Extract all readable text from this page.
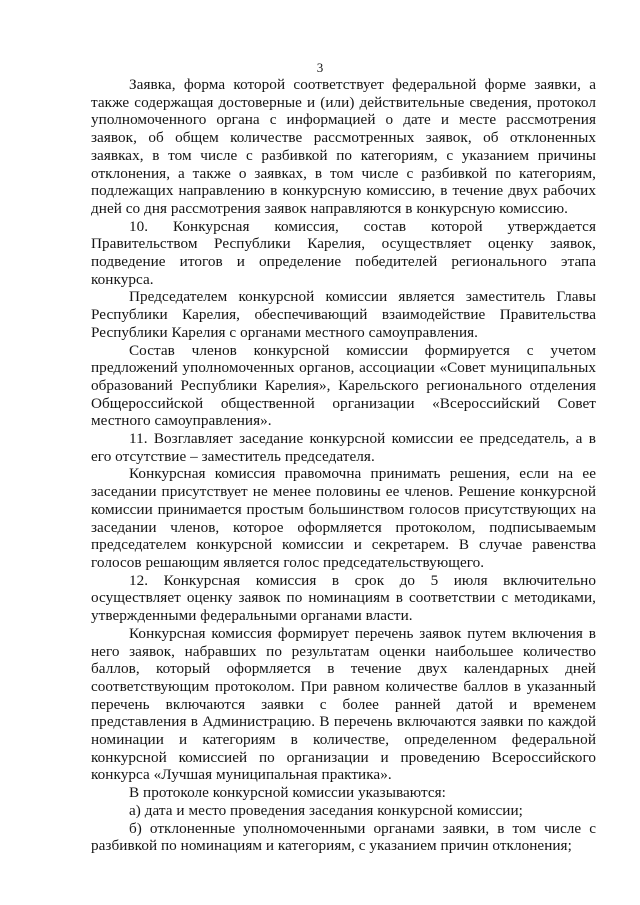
3

Заявка, форма которой соответствует федеральной форме заявки, а также содержащая достоверные и (или) действительные сведения, протокол уполномоченного органа с информацией о дате и месте рассмотрения заявок, об общем количестве рассмотренных заявок, об отклоненных заявках, в том числе с разбивкой по категориям, с указанием причины отклонения, а также о заявках, в том числе с разбивкой по категориям, подлежащих направлению в конкурсную комиссию, в течение двух рабочих дней со дня рассмотрения заявок направляются в конкурсную комиссию.

10. Конкурсная комиссия, состав которой утверждается Правительством Республики Карелия, осуществляет оценку заявок, подведение итогов и определение победителей регионального этапа конкурса.

Председателем конкурсной комиссии является заместитель Главы Республики Карелия, обеспечивающий взаимодействие Правительства Республики Карелия с органами местного самоуправления.

Состав членов конкурсной комиссии формируется с учетом предложений уполномоченных органов, ассоциации «Совет муниципальных образований Республики Карелия», Карельского регионального отделения Общероссийской общественной организации «Всероссийский Совет местного самоуправления».

11. Возглавляет заседание конкурсной комиссии ее председатель, а в его отсутствие – заместитель председателя.

Конкурсная комиссия правомочна принимать решения, если на ее заседании присутствует не менее половины ее членов. Решение конкурсной комиссии принимается простым большинством голосов присутствующих на заседании членов, которое оформляется протоколом, подписываемым председателем конкурсной комиссии и секретарем. В случае равенства голосов решающим является голос председательствующего.

12. Конкурсная комиссия в срок до 5 июля включительно осуществляет оценку заявок по номинациям в соответствии с методиками, утвержденными федеральными органами власти.

Конкурсная комиссия формирует перечень заявок путем включения в него заявок, набравших по результатам оценки наибольшее количество баллов, который оформляется в течение двух календарных дней соответствующим протоколом. При равном количестве баллов в указанный перечень включаются заявки с более ранней датой и временем представления в Администрацию. В перечень включаются заявки по каждой номинации и категориям в количестве, определенном федеральной конкурсной комиссией по организации и проведению Всероссийского конкурса «Лучшая муниципальная практика».

В протоколе конкурсной комиссии указываются:

а) дата и место проведения заседания конкурсной комиссии;

б) отклоненные уполномоченными органами заявки, в том числе с разбивкой по номинациям и категориям, с указанием причин отклонения;
